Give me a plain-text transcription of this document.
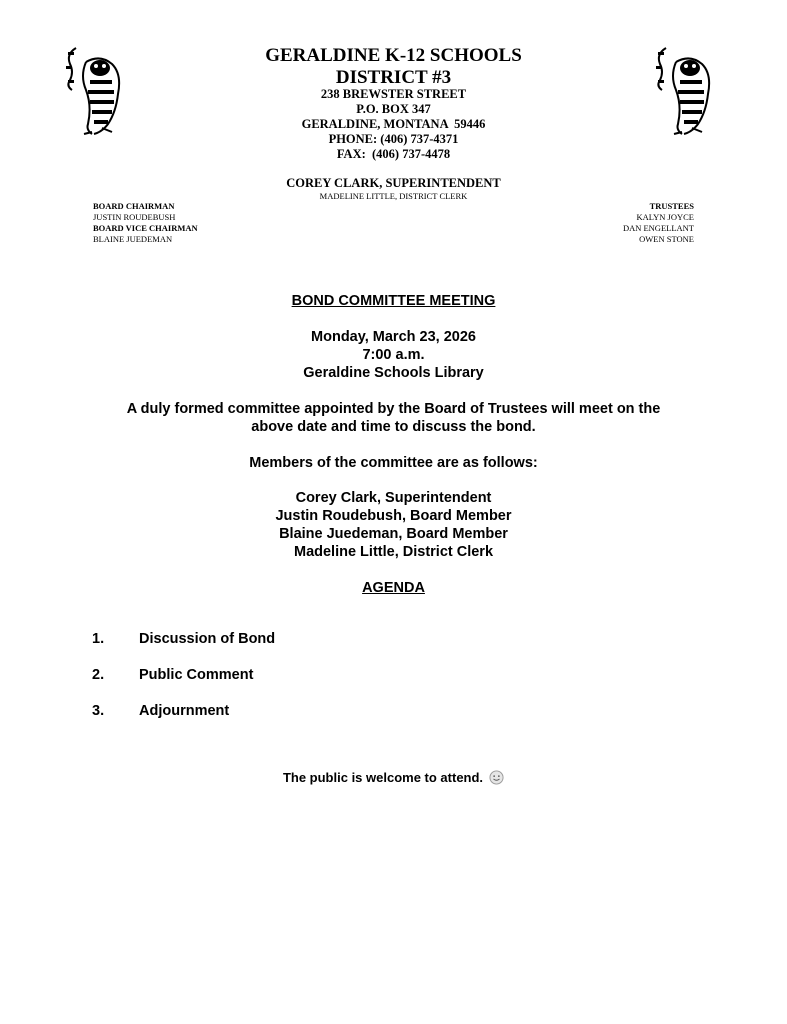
GERALDINE K-12 SCHOOLS
DISTRICT #3
238 BREWSTER STREET
P.O. BOX 347
GERALDINE, MONTANA  59446
PHONE: (406) 737-4371
FAX:  (406) 737-4478
COREY CLARK, SUPERINTENDENT
MADELINE LITTLE, DISTRICT CLERK
BOARD CHAIRMAN
JUSTIN ROUDEBUSH
BOARD VICE CHAIRMAN
BLAINE JUEDEMAN
TRUSTEES
KALYN JOYCE
DAN ENGELLANT
OWEN STONE
BOND COMMITTEE MEETING
Monday, March 23, 2026
7:00 a.m.
Geraldine Schools Library
A duly formed committee appointed by the Board of Trustees will meet on the
above date and time to discuss the bond.
Members of the committee are as follows:
Corey Clark, Superintendent
Justin Roudebush, Board Member
Blaine Juedeman, Board Member
Madeline Little, District Clerk
AGENDA
1. Discussion of Bond
2. Public Comment
3. Adjournment
The public is welcome to attend.
